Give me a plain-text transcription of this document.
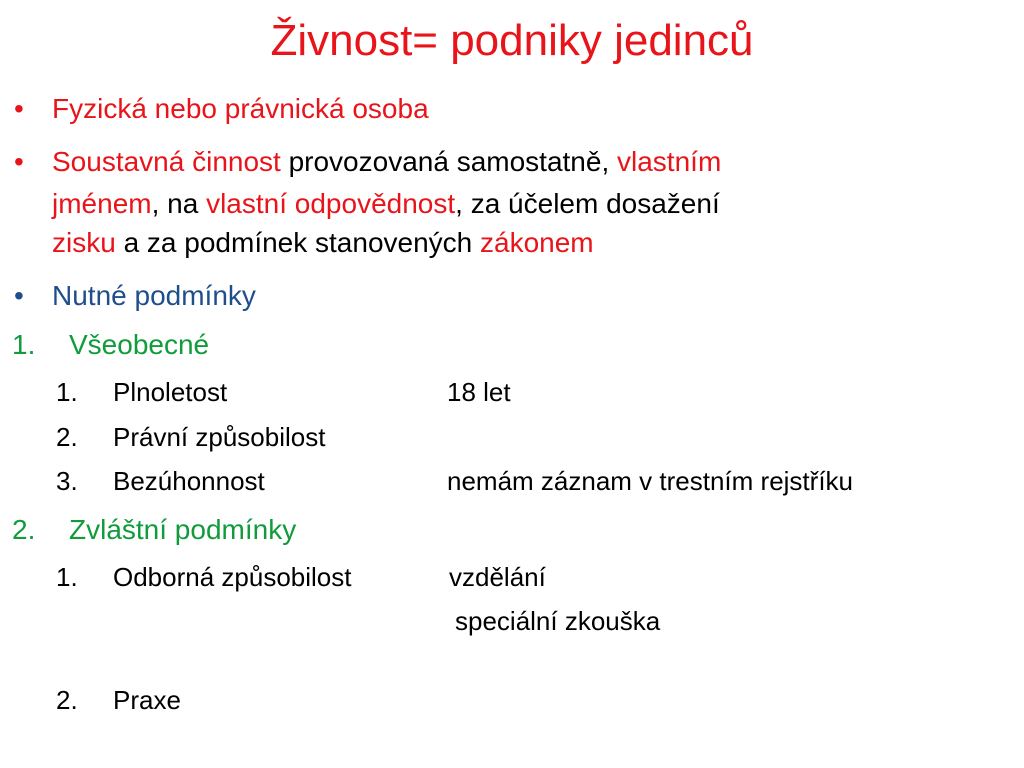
Živnost= podniky jedinců
• Fyzická nebo právnická osoba
• Soustavná činnost provozovaná samostatně, vlastním
jménem, na vlastní odpovědnost, za účelem dosažení
zisku a za podmínek stanovených zákonem
• Nutné podmínky
1. Všeobecné
1. Plnoletost	18 let
2. Právní způsobilost
3. Bezúhonnost	nemám záznam v trestním rejstříku
2. Zvláštní podmínky
1. Odborná způsobilost	vzdělání
speciální zkouška
2. Praxe
